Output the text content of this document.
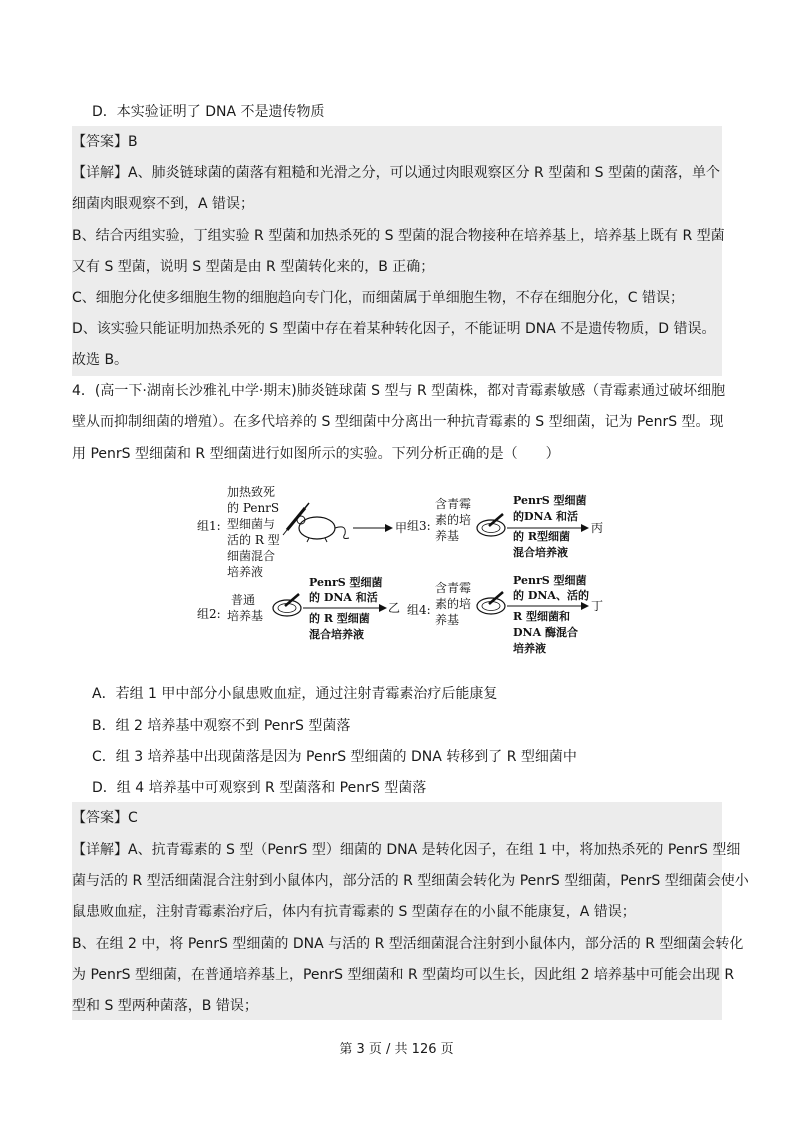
D．本实验证明了 DNA 不是遗传物质
【答案】B
【详解】A、肺炎链球菌的菌落有粗糙和光滑之分，可以通过肉眼观察区分 R 型菌和 S 型菌的菌落，单个
细菌肉眼观察不到，A 错误；
B、结合丙组实验，丁组实验 R 型菌和加热杀死的 S 型菌的混合物接种在培养基上，培养基上既有 R 型菌
又有 S 型菌，说明 S 型菌是由 R 型菌转化来的，B 正确；
C、细胞分化使多细胞生物的细胞趋向专门化，而细菌属于单细胞生物，不存在细胞分化，C 错误；
D、该实验只能证明加热杀死的 S 型菌中存在着某种转化因子，不能证明 DNA 不是遗传物质，D 错误。
故选 B。
4．(高一下·湖南长沙雅礼中学·期末)肺炎链球菌 S 型与 R 型菌株，都对青霉素敏感（青霉素通过破坏细胞
壁从而抑制细菌的增殖）。在多代培养的 S 型细菌中分离出一种抗青霉素的 S 型细菌，记为 PenrS 型。现
用 PenrS 型细菌和 R 型细菌进行如图所示的实验。下列分析正确的是（　　）
组1:
加热致死
的 PenrS
型细菌与
活的 R 型
细菌混合
培养液
甲
组2:
普通
培养基
PenrS 型细菌
的 DNA 和活
的 R 型细菌
混合培养液
乙
组3:
含青霉
素的培
养基
PenrS 型细菌
的DNA 和活
的 R型细菌
混合培养液
丙
组4:
含青霉
素的培
养基
PenrS 型细菌
的 DNA、活的
R 型细菌和
DNA 酶混合
培养液
丁
A．若组 1 甲中部分小鼠患败血症，通过注射青霉素治疗后能康复
B．组 2 培养基中观察不到 PenrS 型菌落
C．组 3 培养基中出现菌落是因为 PenrS 型细菌的 DNA 转移到了 R 型细菌中
D．组 4 培养基中可观察到 R 型菌落和 PenrS 型菌落
【答案】C
【详解】A、抗青霉素的 S 型（PenrS 型）细菌的 DNA 是转化因子，在组 1 中，将加热杀死的 PenrS 型细
菌与活的 R 型活细菌混合注射到小鼠体内，部分活的 R 型细菌会转化为 PenrS 型细菌，PenrS 型细菌会使小
鼠患败血症，注射青霉素治疗后，体内有抗青霉素的 S 型菌存在的小鼠不能康复，A 错误；
B、在组 2 中，将 PenrS 型细菌的 DNA 与活的 R 型活细菌混合注射到小鼠体内，部分活的 R 型细菌会转化
为 PenrS 型细菌，在普通培养基上，PenrS 型细菌和 R 型菌均可以生长，因此组 2 培养基中可能会出现 R
型和 S 型两种菌落，B 错误；
第 3 页 / 共 126 页
